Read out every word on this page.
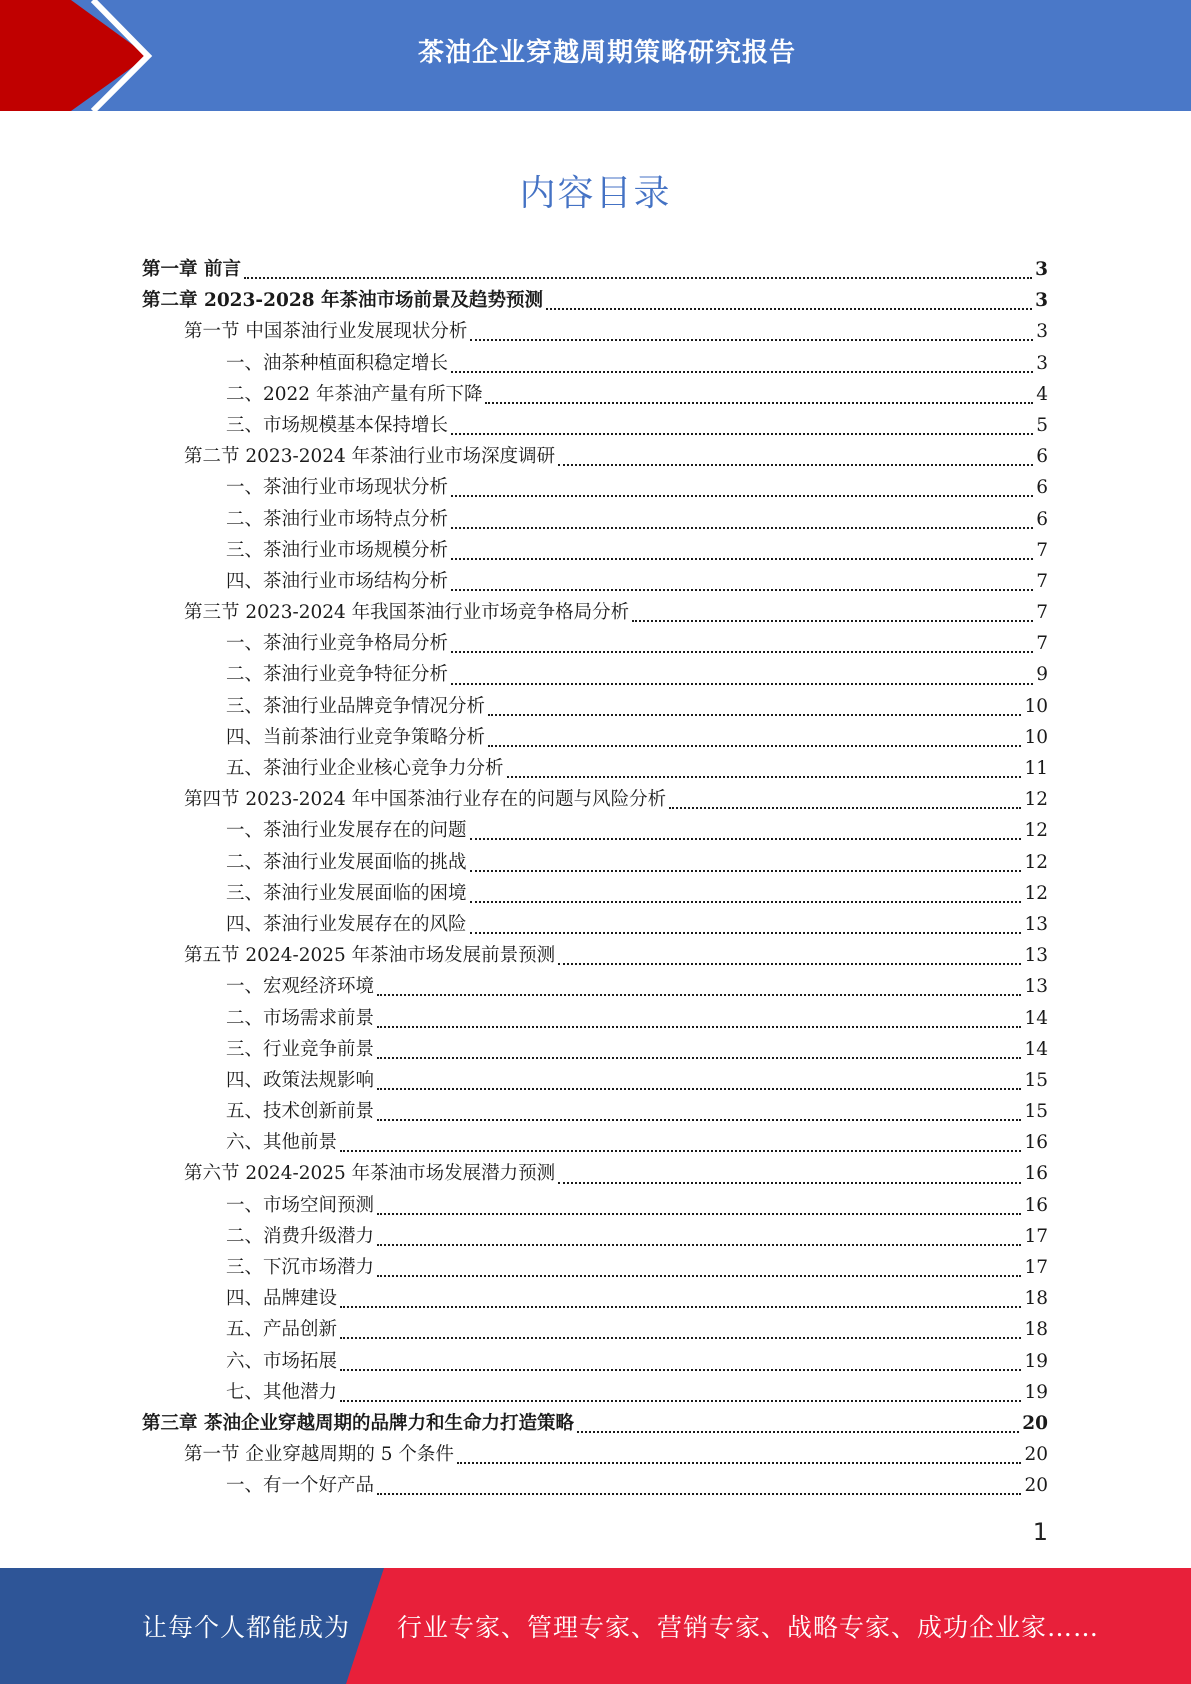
茶油企业穿越周期策略研究报告
内容目录
第一章 前言	3
第二章 2023-2028 年茶油市场前景及趋势预测	3
第一节 中国茶油行业发展现状分析	3
一、油茶种植面积稳定增长	3
二、2022 年茶油产量有所下降	4
三、市场规模基本保持增长	5
第二节 2023-2024 年茶油行业市场深度调研	6
一、茶油行业市场现状分析	6
二、茶油行业市场特点分析	6
三、茶油行业市场规模分析	7
四、茶油行业市场结构分析	7
第三节 2023-2024 年我国茶油行业市场竞争格局分析	7
一、茶油行业竞争格局分析	7
二、茶油行业竞争特征分析	9
三、茶油行业品牌竞争情况分析	10
四、当前茶油行业竞争策略分析	10
五、茶油行业企业核心竞争力分析	11
第四节 2023-2024 年中国茶油行业存在的问题与风险分析	12
一、茶油行业发展存在的问题	12
二、茶油行业发展面临的挑战	12
三、茶油行业发展面临的困境	12
四、茶油行业发展存在的风险	13
第五节 2024-2025 年茶油市场发展前景预测	13
一、宏观经济环境	13
二、市场需求前景	14
三、行业竞争前景	14
四、政策法规影响	15
五、技术创新前景	15
六、其他前景	16
第六节 2024-2025 年茶油市场发展潜力预测	16
一、市场空间预测	16
二、消费升级潜力	17
三、下沉市场潜力	17
四、品牌建设	18
五、产品创新	18
六、市场拓展	19
七、其他潜力	19
第三章 茶油企业穿越周期的品牌力和生命力打造策略	20
第一节 企业穿越周期的 5 个条件	20
一、有一个好产品	20
1
让每个人都能成为 行业专家、管理专家、营销专家、战略专家、成功企业家……
